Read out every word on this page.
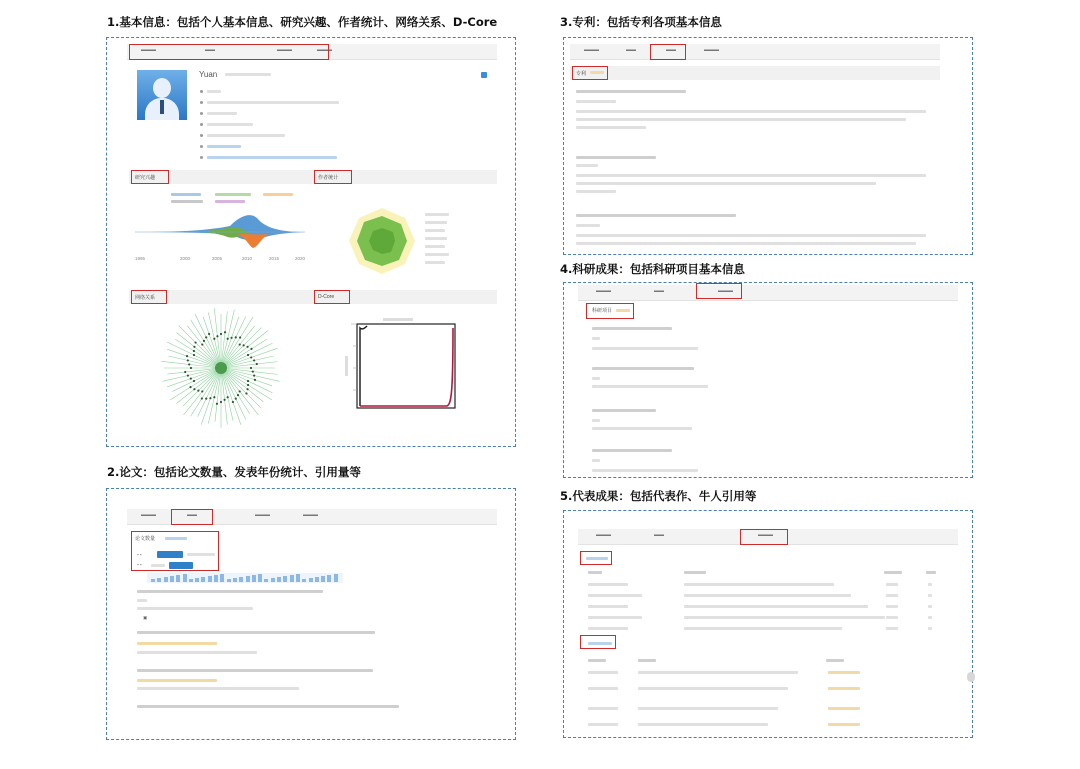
1.基本信息：包括个人基本信息、研究兴趣、作者统计、网络关系、D-Core	3.专利：包括专利各项基本信息
4.科研成果：包括科研项目基本信息
2.论文：包括论文数量、发表年份统计、引用量等
5.代表成果：包括代表作、牛人引用等
▬▬▬	▬▬	▬▬▬	▬▬▬
Yuan
研究兴趣	作者统计
1995	2000	2005	2010	2015	2020
网络关系	D-Core
▬▬▬	▬▬	▬▬▬	▬▬▬
论文数量
▪ ▪
▪ ▪
▣
▬▬▬	▬▬	▬▬	▬▬▬
专利
▬▬▬	▬▬	▬▬▬
科研项目
▬▬▬	▬▬	▬▬▬
